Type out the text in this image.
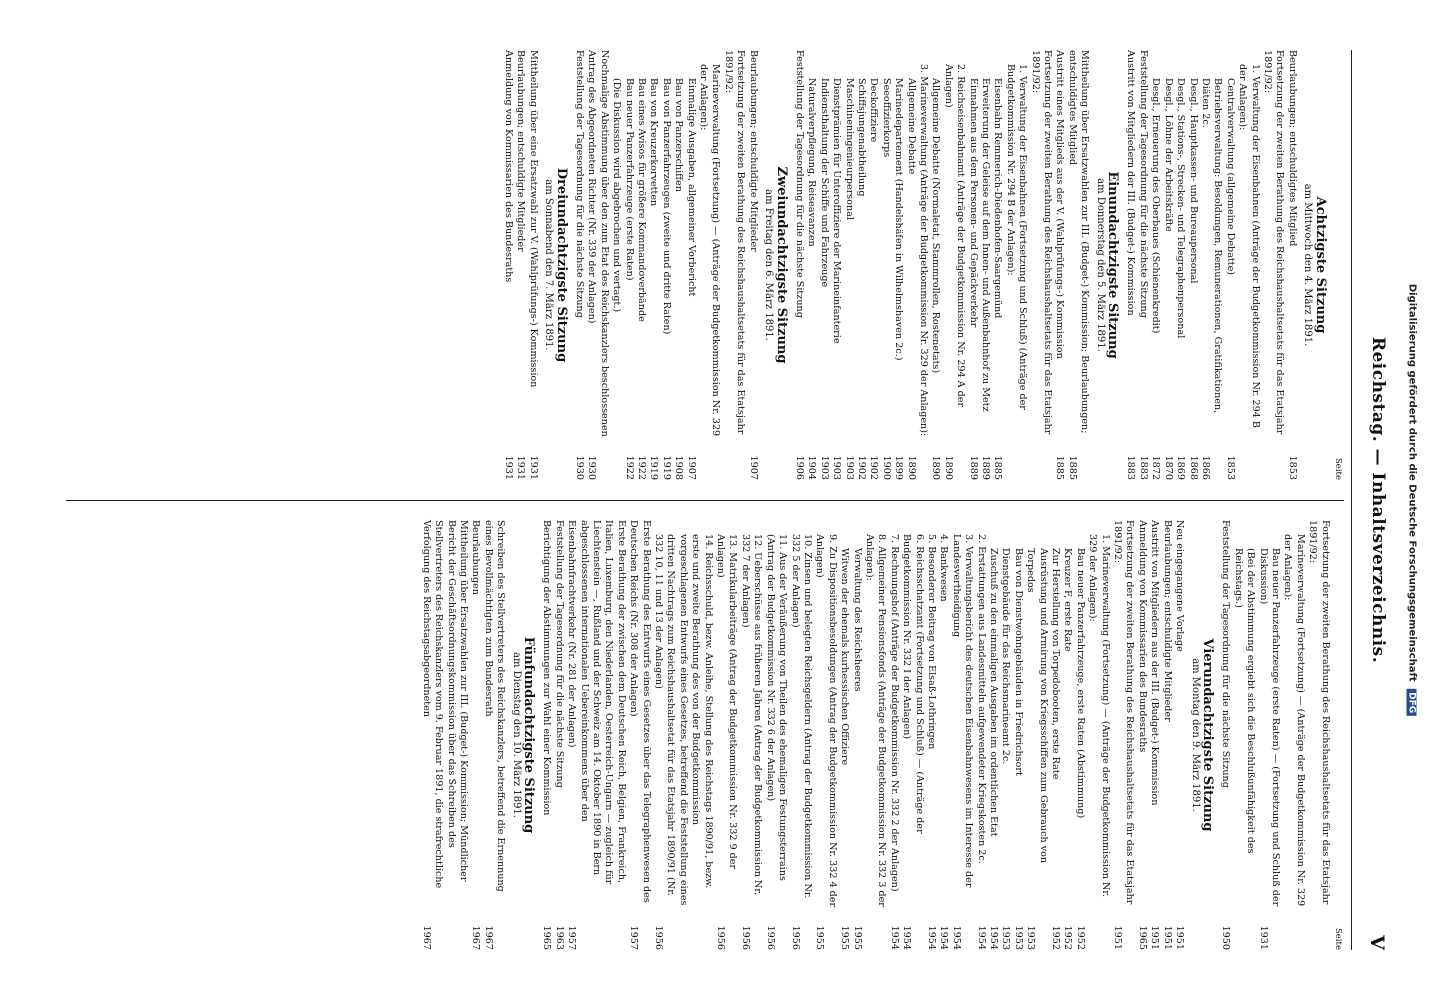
Reichstag. — Inhaltsverzeichnis.
V
Seite
Achtzigste Sitzung
am Mittwoch den 4. März 1891.
Beurlaubungen; entschuldigtes Mitglied
1853
Fortsetzung der zweiten Berathung des Reichshaushaltsetats für das Etatsjahr 1891/92:
1. Verwaltung der Eisenbahnen (Anträge der Budgetkommission Nr. 294 B der Anlagen):
Centralverwaltung (allgemeine Debatte)
1853
Betriebsverwaltung: Besoldungen, Remunerationen, Gratifikationen, Diäten 2c.
1866
Desgl., Hauptkassen- und Bureaupersonal
1868
Desgl., Stations-, Strecken- und Telegraphenpersonal
1869
Desgl., Löhne der Arbeitskräfte
1870
Desgl., Erneuerung des Oberbaues (Schienenkredit)
1872
Feststellung der Tagesordnung für die nächste Sitzung
1883
Austritt von Mitgliedern der III. (Budget-) Kommission
1883
Einundachtzigste Sitzung
am Donnerstag den 5. März 1891.
Mittheilung über Ersatzwahlen zur III. (Budget-) Kommission; Beurlaubungen; entschuldigtes Mitglied
1885
Austritt eines Mitglieds aus der V. (Wahlprüfungs-) Kommission
1885
Fortsetzung der zweiten Berathung des Reichshaushaltsetats für das Etatsjahr 1891/92:
1. Verwaltung der Eisenbahnen (Fortsetzung und Schluß) (Anträge der Budgetkommission Nr. 294 B der Anlagen):
Eisenbahn Remmerich-Diedenhofen-Saargemünd
1885
Erweiterung der Geleise auf dem Innen- und Außenbahnhof zu Metz
1889
Einnahmen aus dem Personen- und Gepäckverkehr
1889
2. Reichseisenbahnamt (Anträge der Budgetkommission Nr. 294 A der Anlagen)
1890
Allgemeine Debatte (Normaletat, Stammrollen, Rostenetats)
1890
3. Marineverwaltung (Anträge der Budgetkommission Nr. 329 der Anlagen):
Allgemeine Debatte
1890
Marinedepartement (Handelshäfen in Wilhelmshaven 2c.)
1899
Seeoffizierkorps
1900
Deckoffiziere
1902
Schiffsjungenabtheilung
1902
Maschineningenieurpersonal
1903
Dienstprämien für Unteroffiziere der Marineinfanterie
1903
Indiensthaltung der Schiffe und Fahrzeuge
1903
Naturalverpflegung, Reiseavanzen
1904
Feststellung der Tagesordnung für die nächste Sitzung
1906
Zweiundachtzigste Sitzung
am Freitag den 6. März 1891.
Beurlaubungen; entschuldigte Mitglieder
1907
Fortsetzung der zweiten Berathung des Reichshaushaltsetats für das Etatsjahr 1891/92:
Marineverwaltung (Fortsetzung) — (Anträge der Budgetkommission Nr. 329 der Anlagen):
Einmalige Ausgaben, allgemeiner Vorbericht
1907
Bau von Panzerschiffen
1908
Bau von Panzerfahrzeugen (zweite und dritte Raten)
1919
Bau von Kreuzerkorvetten
1919
Bau eines Avisos für größere Kommandoverbände
1922
Bau neuer Panzerfahrzeuge (erste Raten)
1922
(Die Diskussion wird abgebrochen und vertagt.)
Nochmalige Abstimmung über den zum Etat des Reichskanzlers beschlossenen Antrag des Abgeordneten Richter (Nr. 339 der Anlagen)
1930
Feststellung der Tagesordnung für die nächste Sitzung
1930
Dreiundachtzigste Sitzung
am Sonnabend den 7. März 1891.
Mittheilung über eine Ersatzwahl zur V. (Wahlprüfungs-) Kommission
1931
Beurlaubungen; entschuldigte Mitglieder
1931
Anmeldung von Kommissarien des Bundesraths
1931
Seite
Fortsetzung der zweiten Berathung des Reichshaushaltsetats für das Etatsjahr 1891/92:
Marineverwaltung (Fortsetzung) — (Anträge der Budgetkommission Nr. 329 der Anlagen):
Bau neuer Panzerfahrzeuge (erste Raten) — (Fortsetzung und Schluß der Diskussion)
1931
(Bei der Abstimmung ergiebt sich die Beschlußunfähigkeit des Reichstags.)
Feststellung der Tagesordnung für die nächste Sitzung
1950
Vierundachtzigste Sitzung
am Montag den 9. März 1891.
Neu eingegangene Vorlage
1951
Beurlaubungen; entschuldigte Mitglieder
1951
Austritt von Mitgliedern aus der III. (Budget-) Kommission
1951
Anmeldung von Kommissarien des Bundesraths
1965
Fortsetzung der zweiten Berathung des Reichshaushaltsetats für das Etatsjahr 1891/92:
1951
1. Marineverwaltung (Fortsetzung) — (Anträge der Budgetkommission Nr. 329 der Anlagen):
Bau neuer Panzerfahrzeuge, erste Raten (Abstimmung)
1952
Kreuzer F, erste Rate
1952
Zur Herstellung von Torpedobooten, erste Rate
1952
Ausrüstung und Armirung von Kriegsschiffen zum Gebrauch von Torpedos
1953
Bau von Dienstwohngebäuden in Friedrichsort
1953
Dienstgebäude für das Reichsmarineamt 2c.
1953
Zuschuß zu den einmaligen Ausgaben im ordentlichen Etat
1954
2. Erstattungen aus Landesmitteln aufgewendeter Kriegskosten 2c.
1954
3. Verwaltungsbericht des deutschen Eisenbahnwesens im Interesse der Landesvertheidigung
1954
4. Bankwesen
1954
5. Besonderer Beitrag von Elsaß-Lothringen
1954
6. Reichsschatzamt (Fortsetzung und Schluß) — (Anträge der Budgetkommission Nr. 332 I der Anlagen)
1954
7. Rechnungshof (Anträge der Budgetkommission Nr. 332 2 der Anlagen)
1954
8. Allgemeiner Pensionsfonds (Anträge der Budgetkommission Nr. 332 3 der Anlagen):
Verwaltung des Reichsheeres
1955
Witwen der ehemals kurhessischen Offiziere
1955
9. Zu Dispositionsbesoldungen (Antrag der Budgetkommission Nr. 332 4 der Anlagen)
1955
10. Zinsen und belegten Reichsgeldern (Antrag der Budgetkommission Nr. 332 5 der Anlagen)
1956
11. Aus der Veräußerung von Theilen des ehemaligen Festungsterrains (Antrag der Budgetkommission Nr. 332 6 der Anlagen)
1956
12. Ueberschüsse aus früheren Jahren (Antrag der Budgetkommission Nr. 332 7 der Anlagen)
1956
13. Matrikularbeiträge (Antrag der Budgetkommission Nr. 332 9 der Anlagen)
1956
14. Reichsschuld, bezw. Anleihe, Stellung des Reichstags 1890/91, bezw. erste und zweite Berathung des von der Budgetkommission vorgeschlagenen Entwurfs eines Gesetzes, betreffend die Feststellung eines dritten Nachtrags zum Reichshaushaltsetat für das Etatsjahr 1890/91 (Nr. 332 10, 11 und 13 der Anlagen)
1956
Erste Berathung des Entwurfs eines Gesetzes über das Telegraphenwesen des Deutschen Reichs (Nr. 308 der Anlagen)
1957
Erste Berathung der zwischen dem Deutschen Reich, Belgien, Frankreich, Italien, Luxemburg, den Niederlanden, Oesterreich-Ungarn — zugleich für Liechtenstein —, Rußland und der Schweiz am 14. Oktober 1890 in Bern abgeschlossenen internationalen Uebereinkommens über den Eisenbahnfrachtverkehr (Nr. 281 der Anlagen)
1957
Feststellung der Tagesordnung für die nächste Sitzung
1963
Berichtigung der Abstimmungen zur Wahl einer Kommission
1965
Fünfundachtzigste Sitzung
am Dienstag den 10. März 1891.
Schreiben des Stellvertreters des Reichskanzlers, betreffend die Ernennung eines Bevollmächtigten zum Bundesrath
1967
Beurlaubungen
1967
Mittheilung über Ersatzwahlen zur III. (Budget-) Kommission; Mündlicher Bericht der Geschäftsordnungskommission über das Schreiben des Stellvertreters des Reichskanzlers vom 9. Februar 1891, die strafrechtliche Verfolgung des Reichstagsabgeordneten
1967
Digitalisierung gefördert durch die Deutsche Forschungsgemeinschaft DFG
